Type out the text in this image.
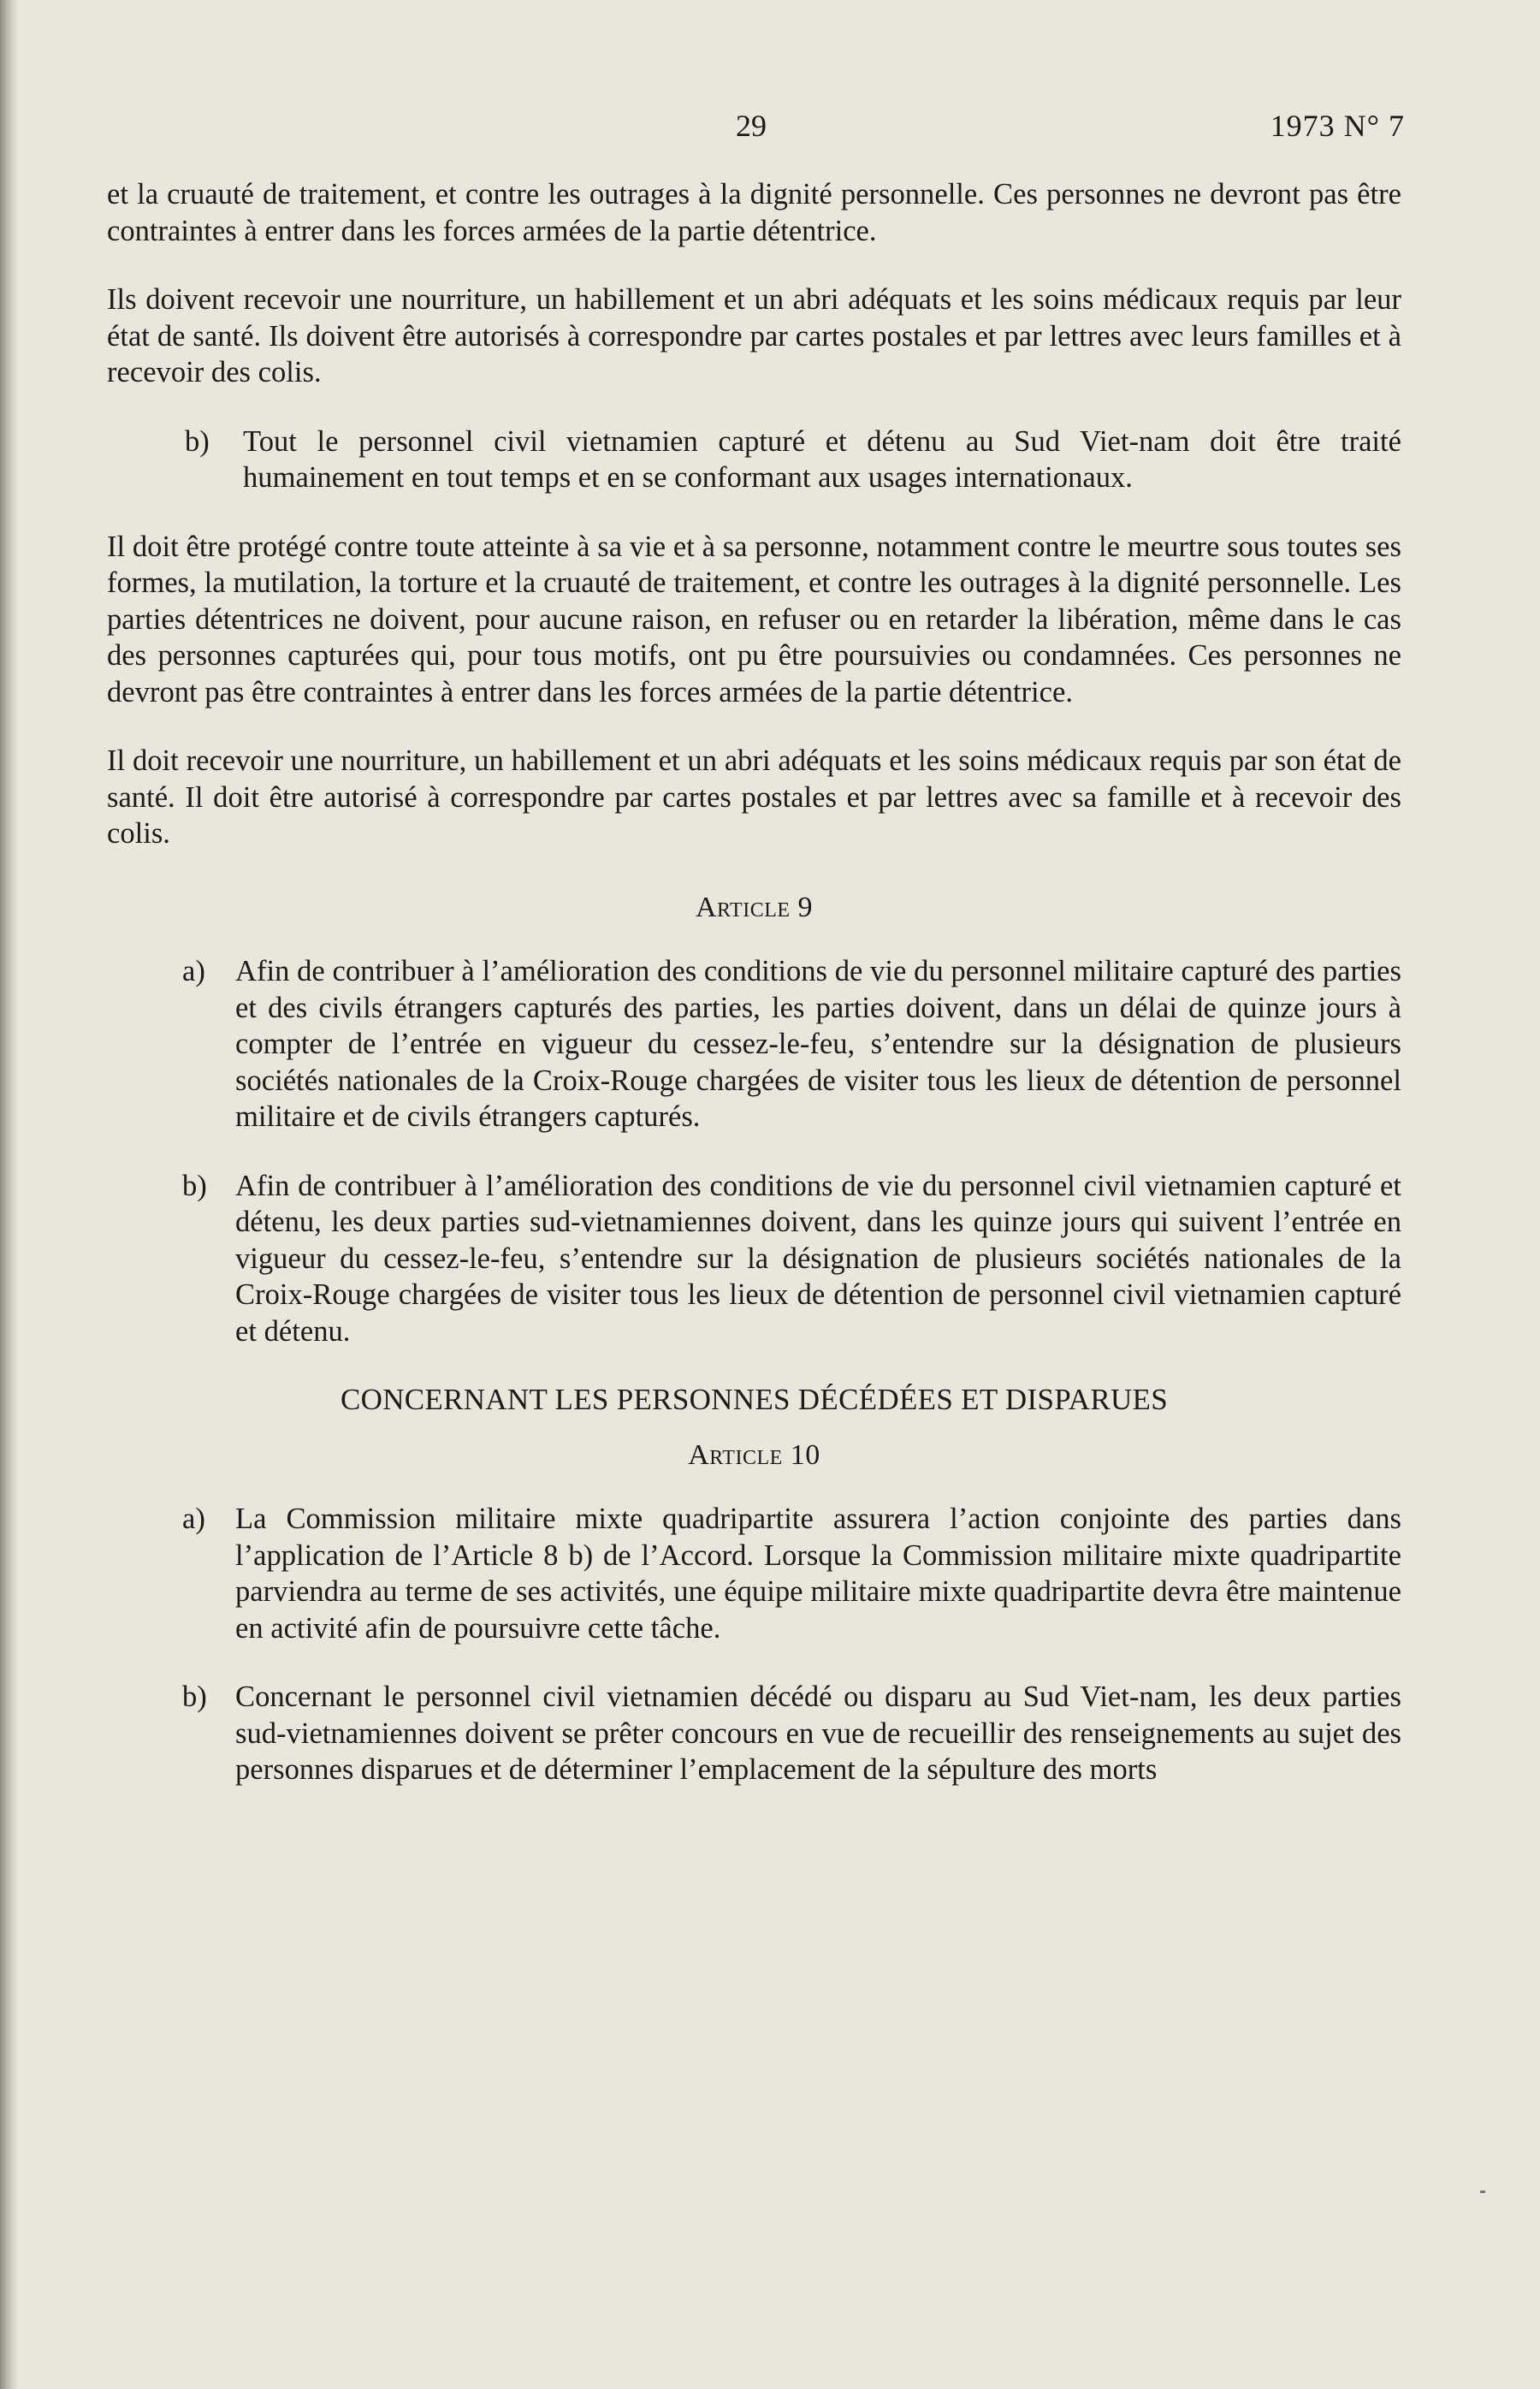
29	1973 N° 7

et la cruauté de traitement, et contre les outrages à la dignité personnelle. Ces personnes ne devront pas être contraintes à entrer dans les forces armées de la partie détentrice.

Ils doivent recevoir une nourriture, un habillement et un abri adéquats et les soins médicaux requis par leur état de santé. Ils doivent être autorisés à correspondre par cartes postales et par lettres avec leurs familles et à recevoir des colis.

b)	Tout le personnel civil vietnamien capturé et détenu au Sud Viet-nam doit être traité humainement en tout temps et en se conformant aux usages internationaux.

Il doit être protégé contre toute atteinte à sa vie et à sa personne, notamment contre le meurtre sous toutes ses formes, la mutilation, la torture et la cruauté de traitement, et contre les outrages à la dignité personnelle. Les parties détentrices ne doivent, pour aucune raison, en refuser ou en retarder la libération, même dans le cas des personnes capturées qui, pour tous motifs, ont pu être poursuivies ou condamnées. Ces personnes ne devront pas être contraintes à entrer dans les forces armées de la partie détentrice.

Il doit recevoir une nourriture, un habillement et un abri adéquats et les soins médicaux requis par son état de santé. Il doit être autorisé à correspondre par cartes postales et par lettres avec sa famille et à recevoir des colis.

Article 9
a)	Afin de contribuer à l’amélioration des conditions de vie du personnel militaire capturé des parties et des civils étrangers capturés des parties, les parties doivent, dans un délai de quinze jours à compter de l’entrée en vigueur du cessez-le-feu, s’entendre sur la désignation de plusieurs sociétés nationales de la Croix-Rouge chargées de visiter tous les lieux de détention de personnel militaire et de civils étrangers capturés.
b) Afin de contribuer à l’amélioration des conditions de vie du personnel civil vietnamien capturé et détenu, les deux parties sud-vietnamiennes doivent, dans les quinze jours qui suivent l’entrée en vigueur du cessez-le-feu, s’entendre sur la désignation de plusieurs sociétés nationales de la Croix-Rouge chargées de visiter tous les lieux de détention de personnel civil vietnamien capturé et détenu.
CONCERNANT LES PERSONNES DÉCÉDÉES ET DISPARUES
Article 10
a)	La Commission militaire mixte quadripartite assurera l’action conjointe des parties dans l’application de l’Article 8 b) de l’Accord. Lorsque la Commission militaire mixte quadripartite parviendra au terme de ses activités, une équipe militaire mixte quadripartite devra être maintenue en activité afin de poursuivre cette tâche.
b) Concernant le personnel civil vietnamien décédé ou disparu au Sud Viet-nam, les deux parties sud-vietnamiennes doivent se prêter concours en vue de recueillir des renseignements au sujet des personnes disparues et de déterminer l’emplacement de la sépulture des morts
